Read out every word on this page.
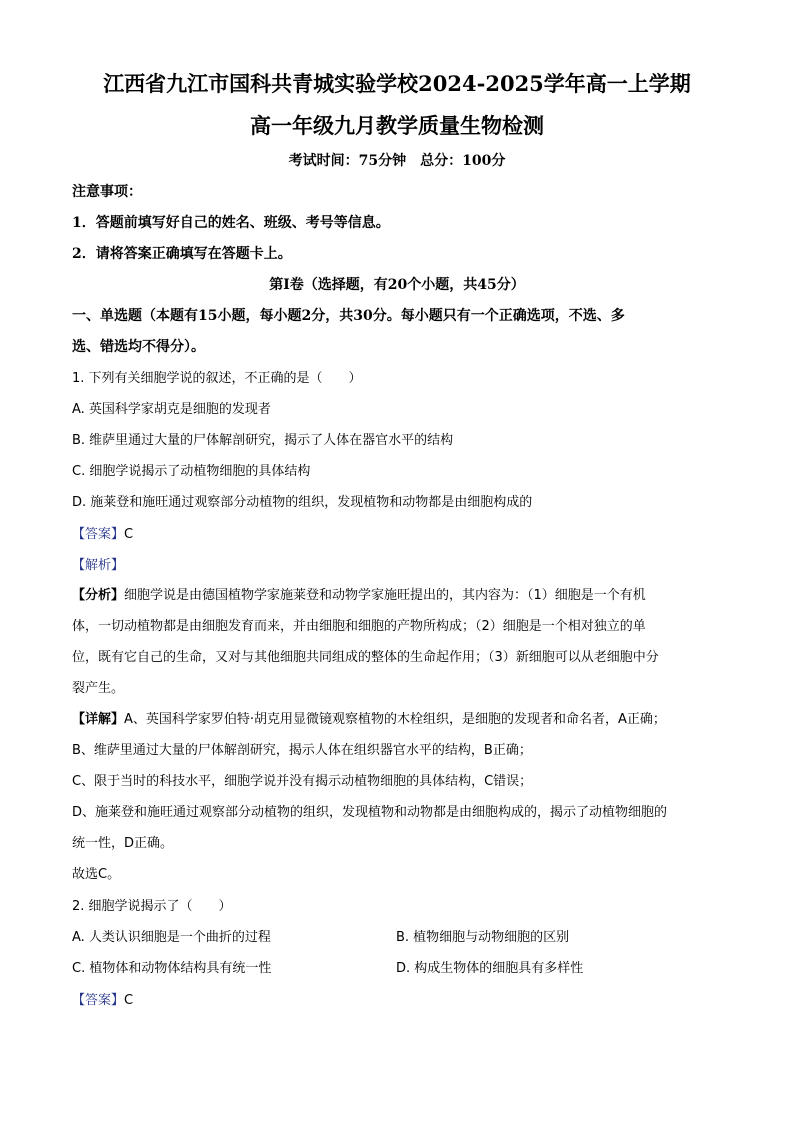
江西省九江市国科共青城实验学校2024-2025学年高一上学期
高一年级九月教学质量生物检测
考试时间：75分钟　总分：100分
注意事项：
1．答题前填写好自己的姓名、班级、考号等信息。
2．请将答案正确填写在答题卡上。
第I卷（选择题，有20个小题，共45分）
一、单选题（本题有15小题，每小题2分，共30分。每小题只有一个正确选项，不选、多
选、错选均不得分）。
1. 下列有关细胞学说的叙述，不正确的是（　　）
A. 英国科学家胡克是细胞的发现者
B. 维萨里通过大量的尸体解剖研究，揭示了人体在器官水平的结构
C. 细胞学说揭示了动植物细胞的具体结构
D. 施莱登和施旺通过观察部分动植物的组织，发现植物和动物都是由细胞构成的
【答案】C
【解析】
【分析】细胞学说是由德国植物学家施莱登和动物学家施旺提出的，其内容为：（1）细胞是一个有机
体，一切动植物都是由细胞发育而来，并由细胞和细胞的产物所构成；（2）细胞是一个相对独立的单
位，既有它自己的生命，又对与其他细胞共同组成的整体的生命起作用；（3）新细胞可以从老细胞中分
裂产生。
【详解】A、英国科学家罗伯特·胡克用显微镜观察植物的木栓组织，是细胞的发现者和命名者，A正确；
B、维萨里通过大量的尸体解剖研究，揭示人体在组织器官水平的结构，B正确；
C、限于当时的科技水平，细胞学说并没有揭示动植物细胞的具体结构，C错误；
D、施莱登和施旺通过观察部分动植物的组织，发现植物和动物都是由细胞构成的，揭示了动植物细胞的
统一性，D正确。
故选C。
2. 细胞学说揭示了（　　）
A. 人类认识细胞是一个曲折的过程	B. 植物细胞与动物细胞的区别
C. 植物体和动物体结构具有统一性	D. 构成生物体的细胞具有多样性
【答案】C
